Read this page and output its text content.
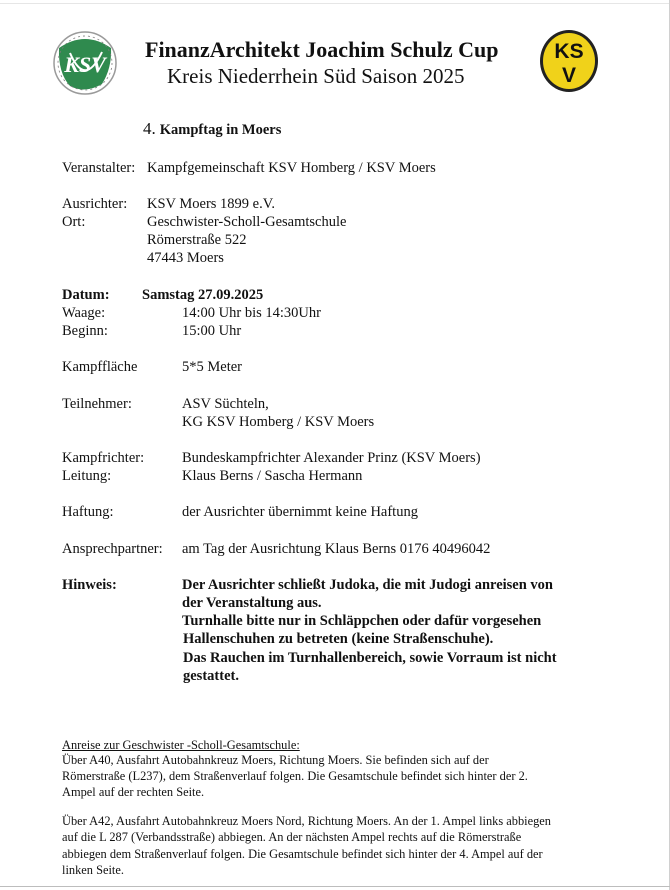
KSV
KS
V
FinanzArchitekt Joachim Schulz Cup
Kreis Niederrhein Süd Saison 2025
4. Kampftag in Moers
Veranstalter: Kampfgemeinschaft KSV Homberg / KSV Moers
Ausrichter: KSV Moers 1899 e.V.
Ort:	Geschwister-Scholl-Gesamtschule
Römerstraße 522
47443 Moers
Datum: Samstag 27.09.2025
Waage:	14:00 Uhr bis 14:30Uhr
Beginn:	15:00 Uhr
Kampffläche	5*5 Meter
Teilnehmer:	ASV Süchteln,
KG KSV Homberg / KSV Moers
Kampfrichter:	Bundeskampfrichter Alexander Prinz (KSV Moers)
Leitung:	Klaus Berns / Sascha Hermann
Haftung:	der Ausrichter übernimmt keine Haftung
Ansprechpartner: am Tag der Ausrichtung Klaus Berns 0176 40496042
Hinweis:	Der Ausrichter schließt Judoka, die mit Judogi anreisen von
der Veranstaltung aus.
Turnhalle bitte nur in Schläppchen oder dafür vorgesehen
Hallenschuhen zu betreten (keine Straßenschuhe).
Das Rauchen im Turnhallenbereich, sowie Vorraum ist nicht
gestattet.
Anreise zur Geschwister -Scholl-Gesamtschule:
Über A40, Ausfahrt Autobahnkreuz Moers, Richtung Moers. Sie befinden sich auf der
Römerstraße (L237), dem Straßenverlauf folgen. Die Gesamtschule befindet sich hinter der 2.
Ampel auf der rechten Seite.
Über A42, Ausfahrt Autobahnkreuz Moers Nord, Richtung Moers. An der 1. Ampel links abbiegen
auf die L 287 (Verbandsstraße) abbiegen. An der nächsten Ampel rechts auf die Römerstraße
abbiegen dem Straßenverlauf folgen. Die Gesamtschule befindet sich hinter der 4. Ampel auf der
linken Seite.
